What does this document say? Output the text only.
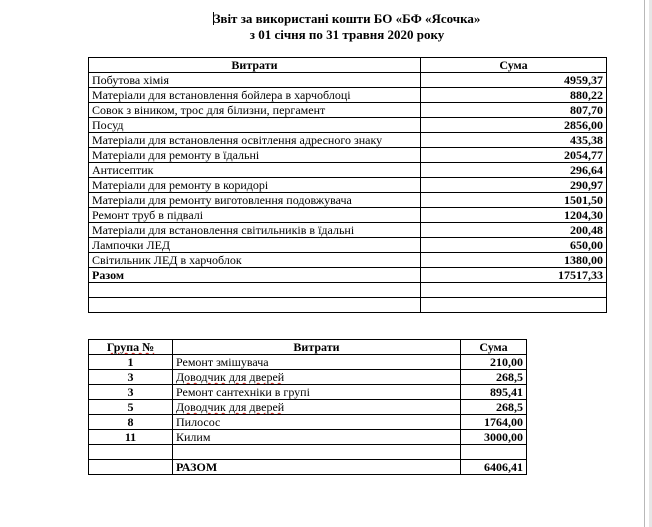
Звіт за використані кошти БО «БФ «Ясочка»
з 01 січня по 31 травня 2020 року
Витрати	Сума
Побутова хімія	4959,37
Матеріали для встановлення бойлера в харчоблоці	880,22
Совок з віником, трос для білизни, пергамент	807,70
Посуд	2856,00
Матеріали для встановлення освітлення адресного знаку	435,38
Матеріали для ремонту в їдальні	2054,77
Антисептик	296,64
Матеріали для ремонту в коридорі	290,97
Матеріали для ремонту виготовлення подовжувача	1501,50
Ремонт труб в підвалі	1204,30
Матеріали для встановлення світильників в їдальні	200,48
Лампочки ЛЕД	650,00
Світильник ЛЕД в харчоблок	1380,00
Разом	17517,33

Група №	Витрати	Сума
1	Ремонт змішувача	210,00
3	Доводчик для дверей	268,5
3	Ремонт сантехніки в групі	895,41
5	Доводчик для дверей	268,5
8	Пилосос	1764,00
11	Килим	3000,00

	РАЗОМ	6406,41
